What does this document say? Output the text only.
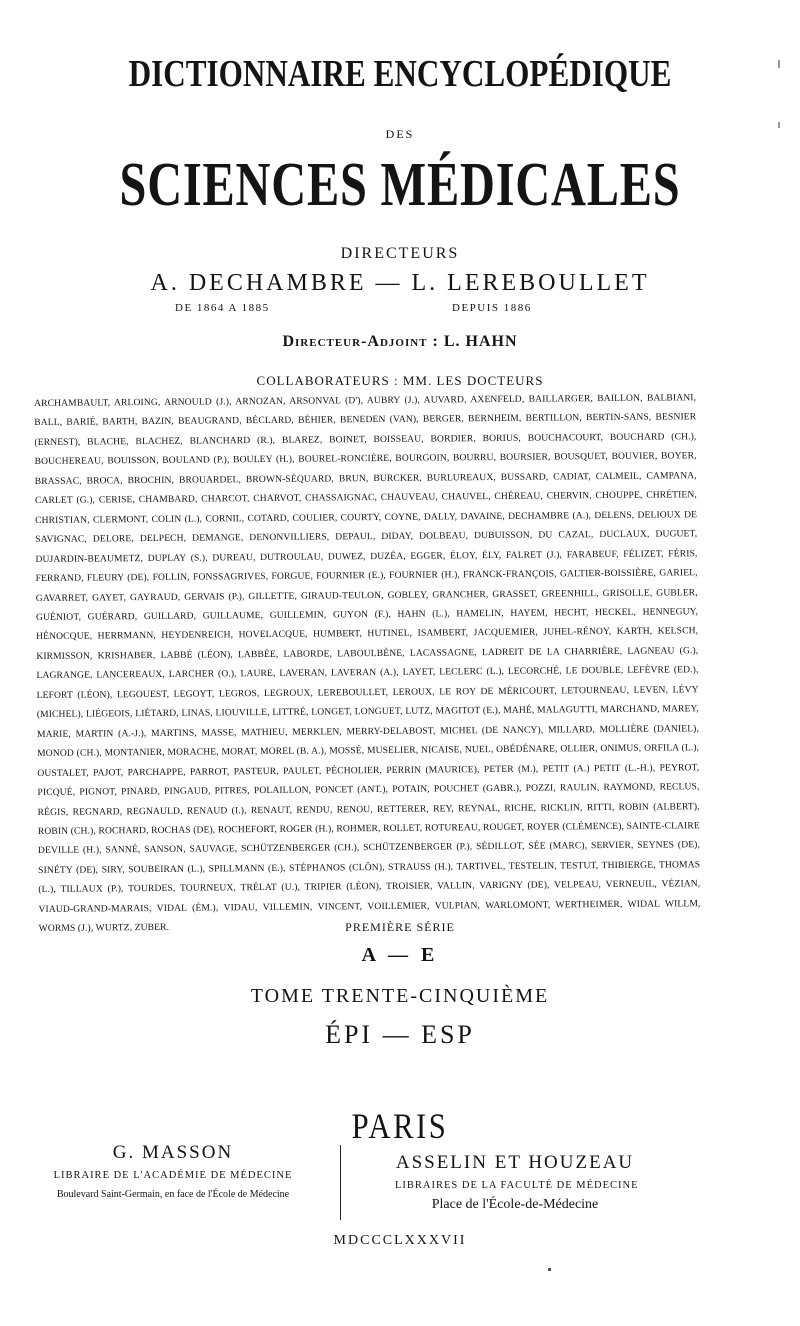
DICTIONNAIRE ENCYCLOPÉDIQUE
DES
SCIENCES MÉDICALES
DIRECTEURS
A. DECHAMBRE — L. LEREBOULLET
DE 1864 A 1885	DEPUIS 1886
Directeur-Adjoint : L. HAHN
COLLABORATEURS : MM. LES DOCTEURS
ARCHAMBAULT, ARLOING, ARNOULD (J.), ARNOZAN, ARSONVAL (D'), AUBRY (J.), AUVARD, AXENFELD, BAILLARGER, BAILLON, BALBIANI, BALL, BARIÉ, BARTH, BAZIN, BEAUGRAND, BÉCLARD, BÉHIER, BENEDEN (VAN), BERGER, BERNHEIM, BERTILLON, BERTIN-SANS, BESNIER (ERNEST), BLACHE, BLACHEZ, BLANCHARD (R.), BLAREZ, BOINET, BOISSEAU, BORDIER, BORIUS, BOUCHACOURT, BOUCHARD (CH.), BOUCHEREAU, BOUISSON, BOULAND (P.), BOULEY (H.), BOUREL-RONCIÈRE, BOURGOIN, BOURRU, BOURSIER, BOUSQUET, BOUVIER, BOYER, BRASSAC, BROCA, BROCHIN, BROUARDEL, BROWN-SÉQUARD, BRUN, BURCKER, BURLUREAUX, BUSSARD, CADIAT, CALMEIL, CAMPANA, CARLET (G.), CERISE, CHAMBARD, CHARCOT, CHARVOT, CHASSAIGNAC, CHAUVEAU, CHAUVEL, CHÉREAU, CHERVIN, CHOUPPE, CHRÉTIEN, CHRISTIAN, CLERMONT, COLIN (L.), CORNIL, COTARD, COULIER, COURTY, COYNE, DALLY, DAVAINE, DECHAMBRE (A.), DELENS, DELIOUX DE SAVIGNAC, DELORE, DELPECH, DEMANGE, DENONVILLIERS, DEPAUL, DIDAY, DOLBEAU, DUBUISSON, DU CAZAL, DUCLAUX, DUGUET, DUJARDIN-BEAUMETZ, DUPLAY (S.), DUREAU, DUTROULAU, DUWEZ, DUZÉA, EGGER, ÉLOY, ÉLY, FALRET (J.), FARABEUF, FÉLIZET, FÉRIS, FERRAND, FLEURY (DE), FOLLIN, FONSSAGRIVES, FORGUE, FOURNIER (E.), FOURNIER (H.), FRANCK-FRANÇOIS, GALTIER-BOISSIÈRE, GARIEL, GAVARRET, GAYET, GAYRAUD, GERVAIS (P.), GILLETTE, GIRAUD-TEULON, GOBLEY, GRANCHER, GRASSET, GREENHILL, GRISOLLE, GUBLER, GUÉNIOT, GUÉRARD, GUILLARD, GUILLAUME, GUILLEMIN, GUYON (F.), HAHN (L.), HAMELIN, HAYEM, HECHT, HECKEL, HENNEGUY, HÉNOCQUE, HERRMANN, HEYDENREICH, HOVELACQUE, HUMBERT, HUTINEL, ISAMBERT, JACQUEMIER, JUHEL-RÉNOY, KARTH, KELSCH, KIRMISSON, KRISHABER, LABBÉ (LÉON), LABBÉE, LABORDE, LABOULBÈNE, LACASSAGNE, LADREIT DE LA CHARRIÈRE, LAGNEAU (G.), LAGRANGE, LANCEREAUX, LARCHER (O.), LAURE, LAVERAN, LAVERAN (A.), LAYET, LECLERC (L.), LECORCHÉ, LE DOUBLE, LEFÈVRE (ED.), LEFORT (LÉON), LEGOUEST, LEGOYT, LEGROS, LEGROUX, LEREBOULLET, LEROUX, LE ROY DE MÉRICOURT, LETOURNEAU, LEVEN, LÉVY (MICHEL), LIÉGEOIS, LIÉTARD, LINAS, LIOUVILLE, LITTRÉ, LONGET, LONGUET, LUTZ, MAGITOT (E.), MAHÉ, MALAGUTTI, MARCHAND, MAREY, MARIE, MARTIN (A.-J.), MARTINS, MASSE, MATHIEU, MERKLEN, MERRY-DELABOST, MICHEL (DE NANCY), MILLARD, MOLLIÈRE (DANIEL), MONOD (CH.), MONTANIER, MORACHE, MORAT, MOREL (B. A.), MOSSÉ, MUSELIER, NICAISE, NUEL, OBÉDÉNARE, OLLIER, ONIMUS, ORFILA (L.), OUSTALET, PAJOT, PARCHAPPE, PARROT, PASTEUR, PAULET, PÉCHOLIER, PERRIN (MAURICE), PETER (M.), PETIT (A.) PETIT (L.-H.), PEYROT, PICQUÉ, PIGNOT, PINARD, PINGAUD, PITRES, POLAILLON, PONCET (ANT.), POTAIN, POUCHET (GABR.), POZZI, RAULIN, RAYMOND, RECLUS, RÉGIS, REGNARD, REGNAULD, RENAUD (I.), RENAUT, RENDU, RENOU, RETTERER, REY, REYNAL, RICHE, RICKLIN, RITTI, ROBIN (ALBERT), ROBIN (CH.), ROCHARD, ROCHAS (DE), ROCHEFORT, ROGER (H.), ROHMER, ROLLET, ROTUREAU, ROUGET, ROYER (CLÉMENCE), SAINTE-CLAIRE DEVILLE (H.), SANNÉ, SANSON, SAUVAGE, SCHÜTZENBERGER (CH.), SCHÜTZENBERGER (P.), SÉDILLOT, SÉE (MARC), SERVIER, SEYNES (DE), SINÉTY (DE), SIRY, SOUBEIRAN (L.), SPILLMANN (E.), STÉPHANOS (CLÔN), STRAUSS (H.), TARTIVEL, TESTELIN, TESTUT, THIBIERGE, THOMAS (L.), TILLAUX (P.), TOURDES, TOURNEUX, TRÉLAT (U.), TRIPIER (LÉON), TROISIER, VALLIN, VARIGNY (DE), VELPEAU, VERNEUIL, VÉZIAN, VIAUD-GRAND-MARAIS, VIDAL (ÉM.), VIDAU, VILLEMIN, VINCENT, VOILLEMIER, VULPIAN, WARLOMONT, WERTHEIMER, WIDAL WILLM, WORMS (J.), WURTZ, ZUBER.	PREMIÈRE SÉRIE
A — E
TOME TRENTE-CINQUIÈME
ÉPI — ESP
PARIS
G. MASSON
LIBRAIRE DE L'ACADÉMIE DE MÉDECINE
Boulevard Saint-Germain, en face de l'École de Médecine
ASSELIN ET HOUZEAU
LIBRAIRES DE LA FACULTÉ DE MÉDECINE
Place de l'École-de-Médecine
MDCCCLXXXVII
